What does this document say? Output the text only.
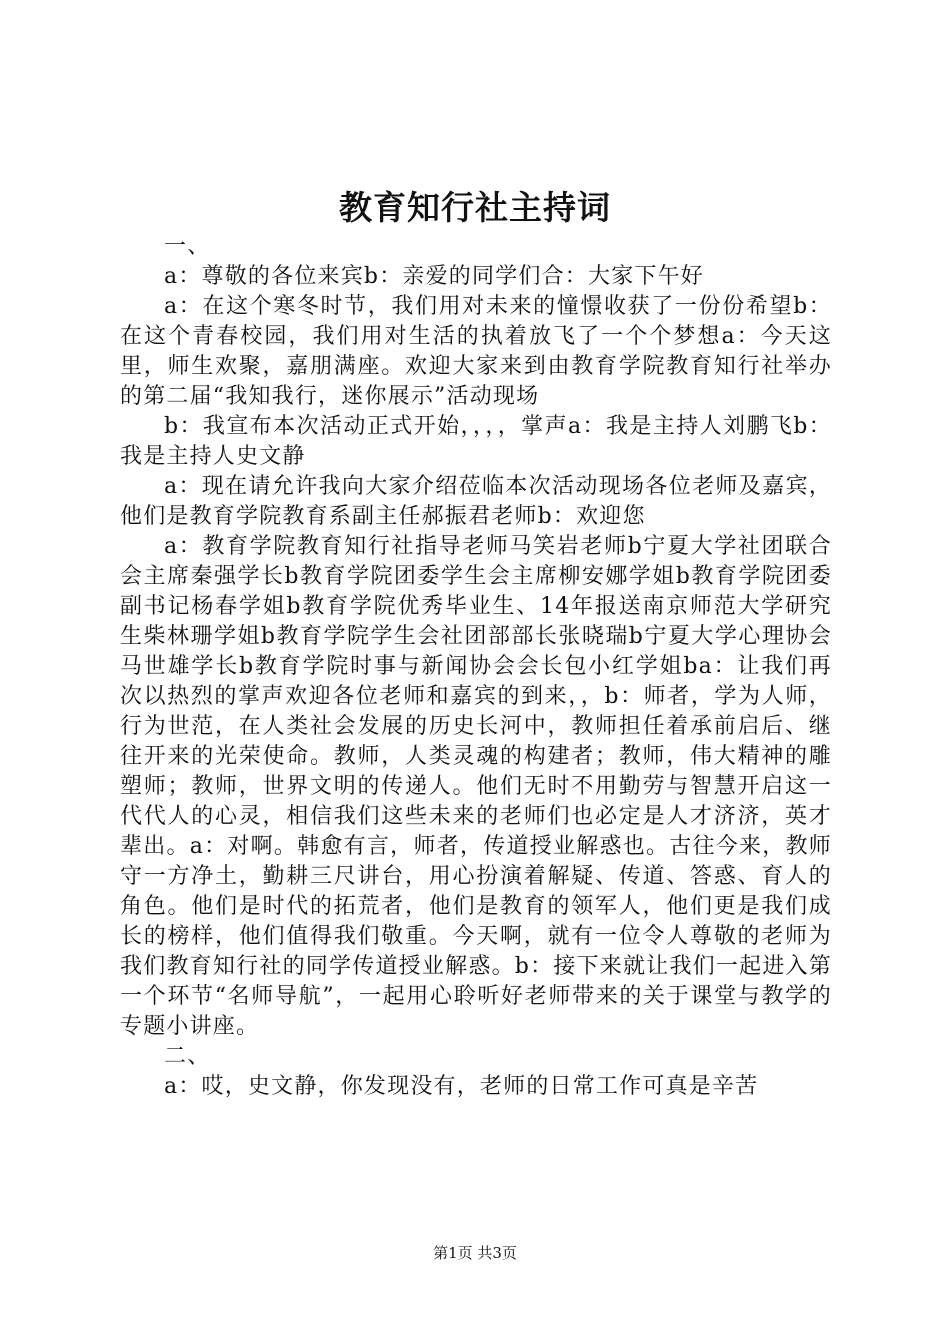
教育知行社主持词

一、

a：尊敬的各位来宾b：亲爱的同学们合：大家下午好

a：在这个寒冬时节，我们用对未来的憧憬收获了一份份希望b：在这个青春校园，我们用对生活的执着放飞了一个个梦想a：今天这里，师生欢聚，嘉朋满座。欢迎大家来到由教育学院教育知行社举办的第二届“我知我行，迷你展示”活动现场

b：我宣布本次活动正式开始，，，，掌声a：我是主持人刘鹏飞b：我是主持人史文静

a：现在请允许我向大家介绍莅临本次活动现场各位老师及嘉宾，他们是教育学院教育系副主任郝振君老师b：欢迎您

a：教育学院教育知行社指导老师马笑岩老师b宁夏大学社团联合会主席秦强学长b教育学院团委学生会主席柳安娜学姐b教育学院团委副书记杨春学姐b教育学院优秀毕业生、14年报送南京师范大学研究生柴林珊学姐b教育学院学生会社团部部长张晓瑞b宁夏大学心理协会马世雄学长b教育学院时事与新闻协会会长包小红学姐ba：让我们再次以热烈的掌声欢迎各位老师和嘉宾的到来，，b：师者，学为人师，行为世范，在人类社会发展的历史长河中，教师担任着承前启后、继往开来的光荣使命。教师，人类灵魂的构建者；教师，伟大精神的雕塑师；教师，世界文明的传递人。他们无时不用勤劳与智慧开启这一代代人的心灵，相信我们这些未来的老师们也必定是人才济济，英才辈出。a：对啊。韩愈有言，师者，传道授业解惑也。古往今来，教师守一方净土，勤耕三尺讲台，用心扮演着解疑、传道、答惑、育人的角色。他们是时代的拓荒者，他们是教育的领军人，他们更是我们成长的榜样，他们值得我们敬重。今天啊，就有一位令人尊敬的老师为我们教育知行社的同学传道授业解惑。b：接下来就让我们一起进入第一个环节“名师导航”，一起用心聆听好老师带来的关于课堂与教学的专题小讲座。

二、

a：哎，史文静，你发现没有，老师的日常工作可真是辛苦

第1页 共3页
